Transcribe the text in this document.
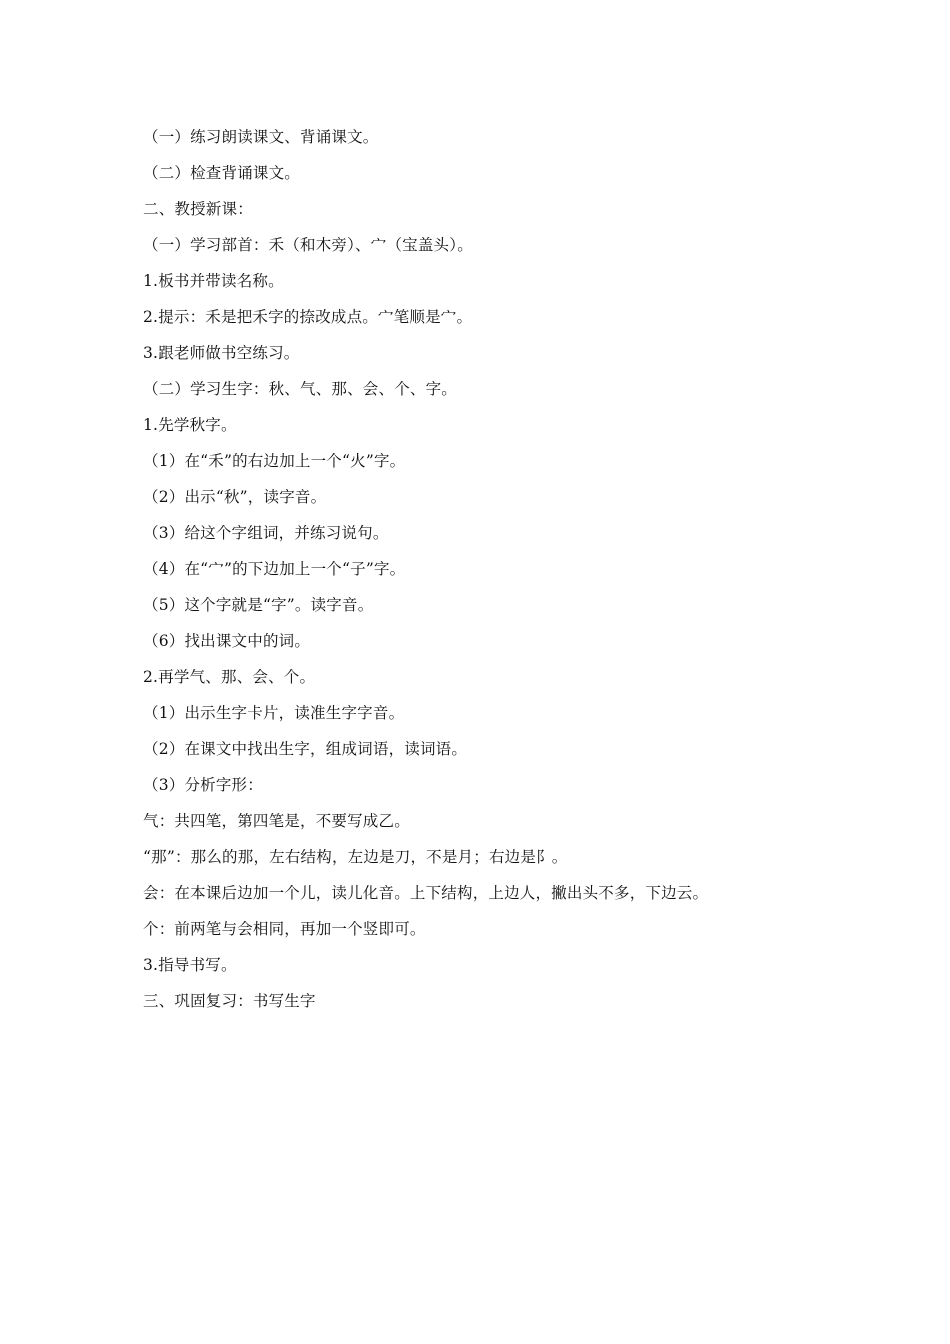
（一）练习朗读课文、背诵课文。
（二）检查背诵课文。
二、教授新课：
（一）学习部首：禾（和木旁）、宀（宝盖头）。
1.板书并带读名称。
2.提示：禾是把禾字的捺改成点。宀笔顺是宀。
3.跟老师做书空练习。
（二）学习生字：秋、气、那、会、个、字。
1.先学秋字。
（1）在“禾”的右边加上一个“火”字。
（2）出示“秋”，读字音。
（3）给这个字组词，并练习说句。
（4）在“宀”的下边加上一个“子”字。
（5）这个字就是“字”。读字音。
（6）找出课文中的词。
2.再学气、那、会、个。
（1）出示生字卡片，读准生字字音。
（2）在课文中找出生字，组成词语，读词语。
（3）分析字形：
气：共四笔，第四笔是，不要写成乙。
“那”：那么的那，左右结构，左边是刀，不是月；右边是阝。
会：在本课后边加一个儿，读儿化音。上下结构，上边人，撇出头不多，下边云。
个：前两笔与会相同，再加一个竖即可。
3.指导书写。
三、巩固复习：书写生字
